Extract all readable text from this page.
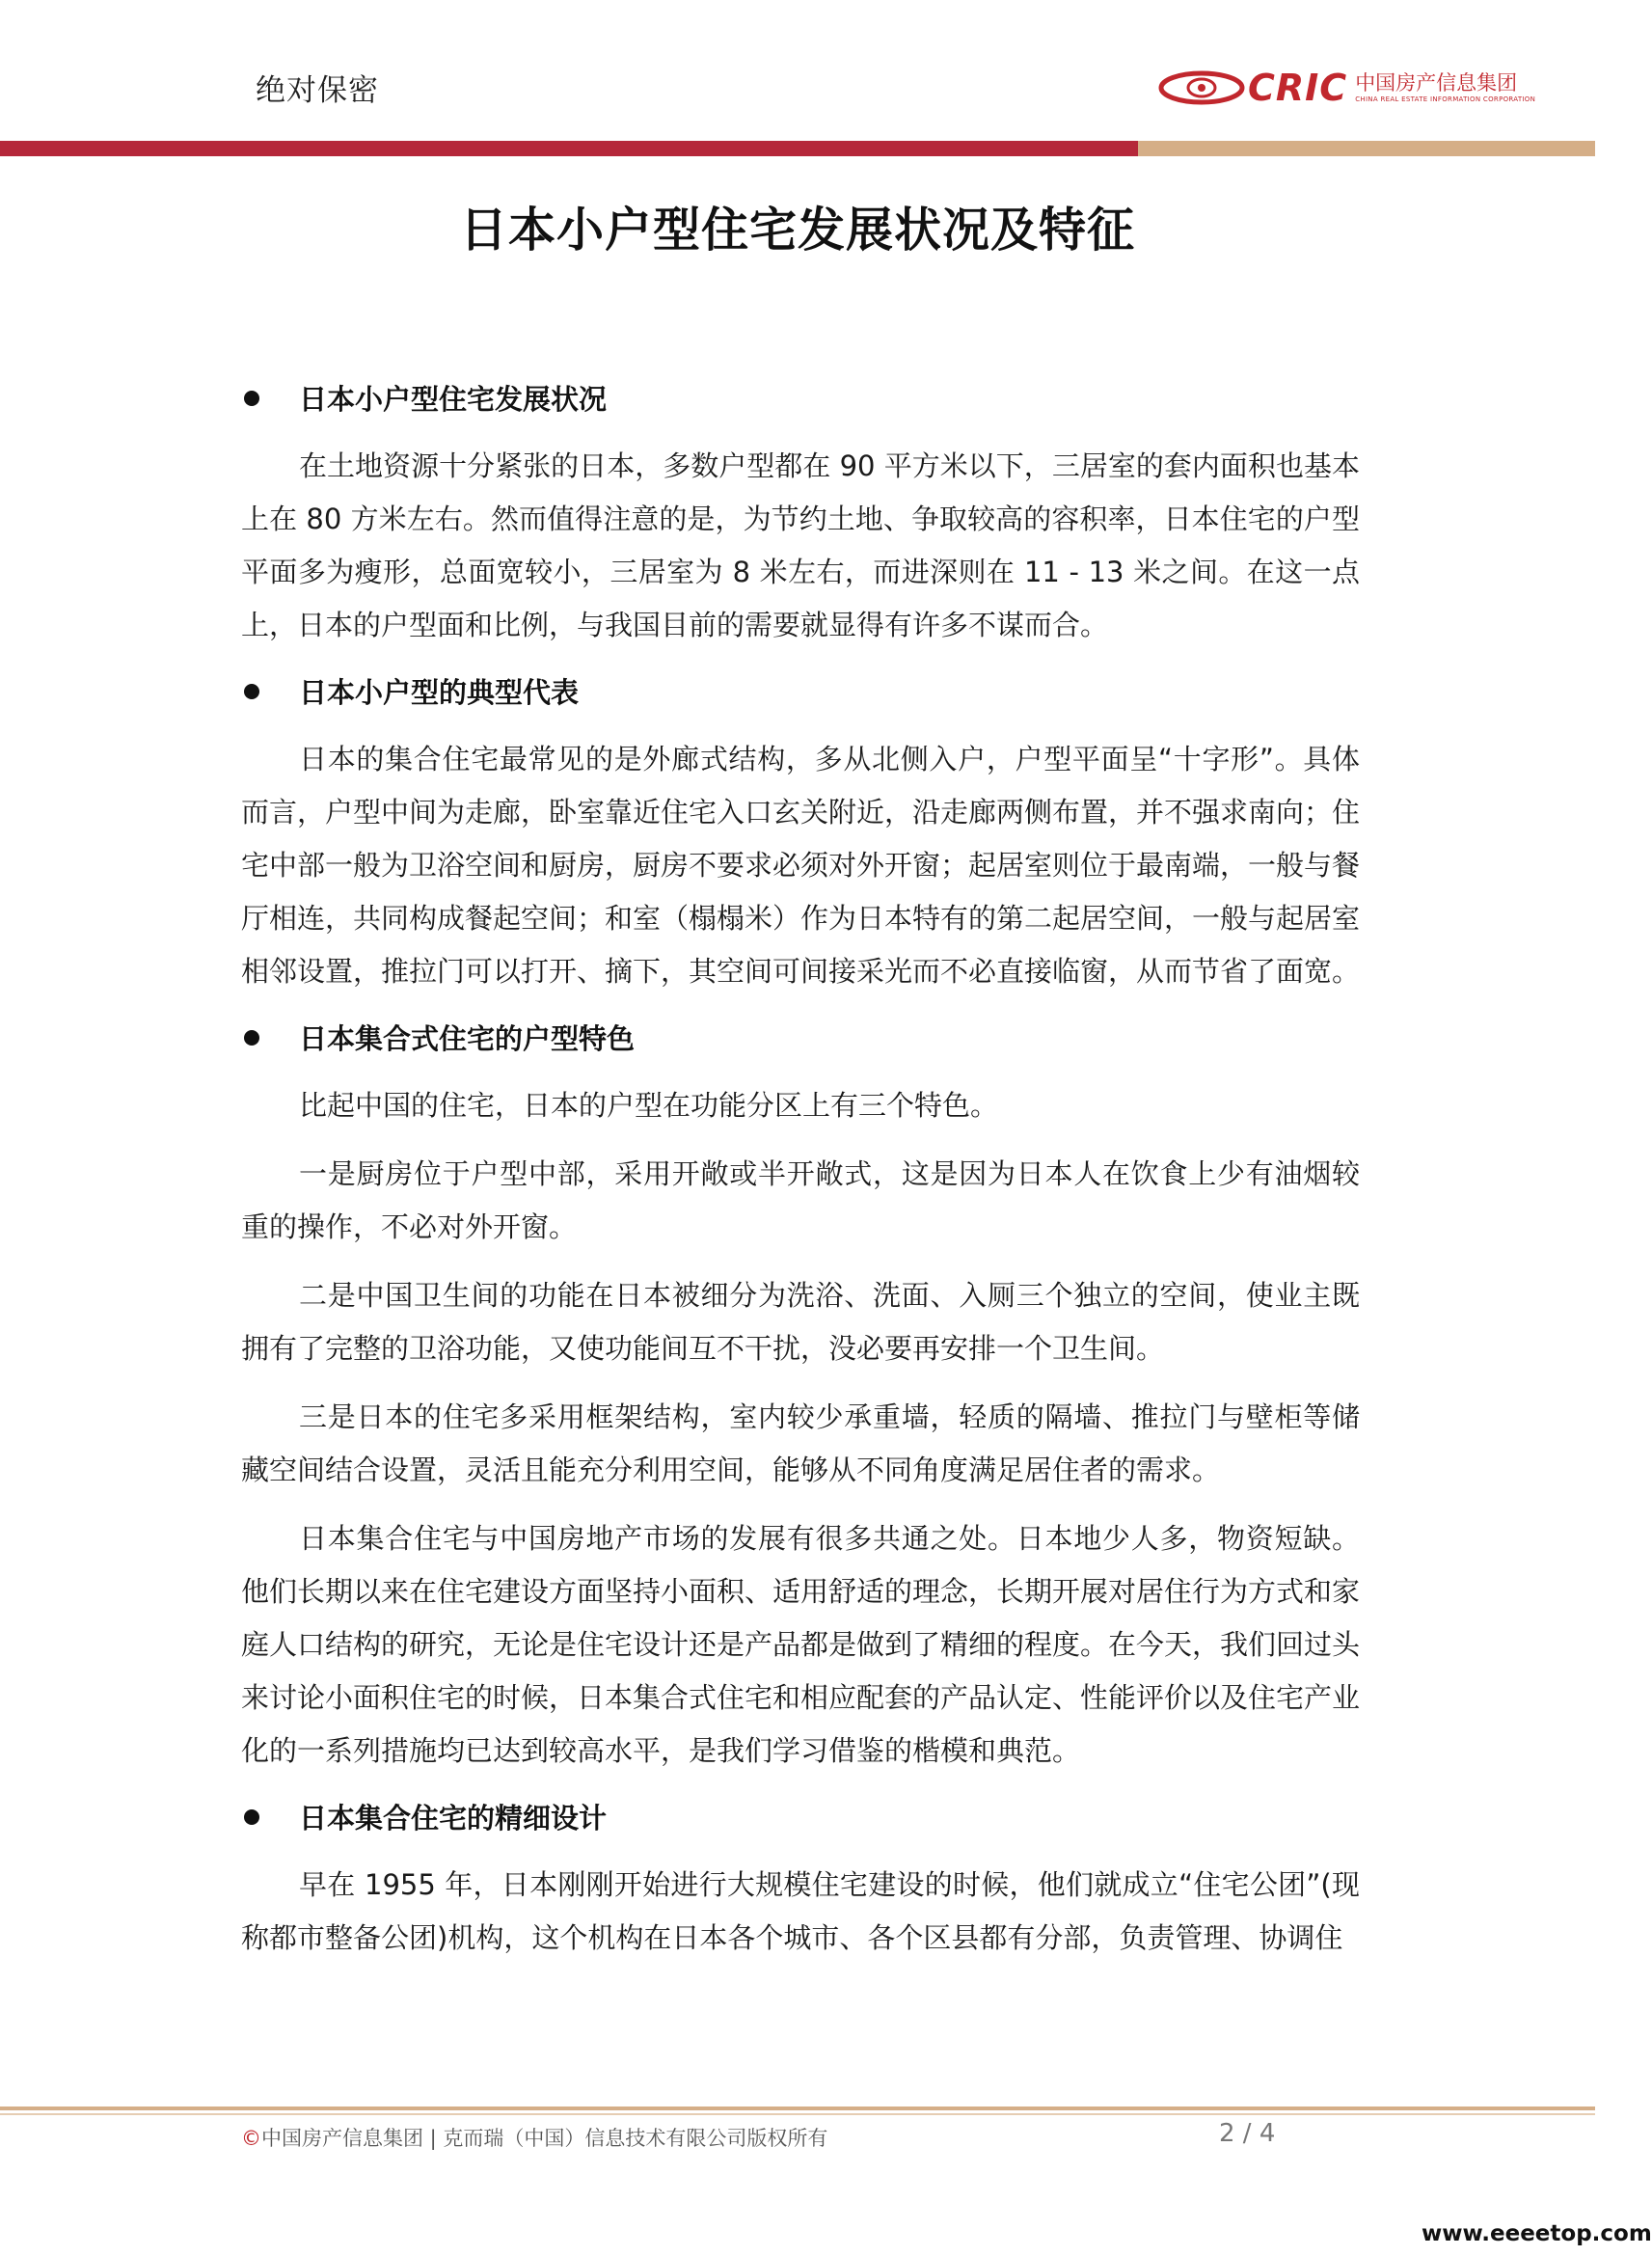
绝对保密	CRIC 中国房产信息集团
CHINA REAL ESTATE INFORMATION CORPORATION
日本小户型住宅发展状况及特征
日本小户型住宅发展状况

在土地资源十分紧张的日本，多数户型都在 90 平方米以下，三居室的套内面积也基本上在 80 方米左右。然而值得注意的是，为节约土地、争取较高的容积率，日本住宅的户型平面多为瘦形，总面宽较小，三居室为 8 米左右，而进深则在 11 - 13 米之间。在这一点上，日本的户型面和比例，与我国目前的需要就显得有许多不谋而合。

日本小户型的典型代表

日本的集合住宅最常见的是外廊式结构，多从北侧入户，户型平面呈“十字形”。具体而言，户型中间为走廊，卧室靠近住宅入口玄关附近，沿走廊两侧布置，并不强求南向；住宅中部一般为卫浴空间和厨房，厨房不要求必须对外开窗；起居室则位于最南端，一般与餐厅相连，共同构成餐起空间；和室（榻榻米）作为日本特有的第二起居空间，一般与起居室相邻设置，推拉门可以打开、摘下，其空间可间接采光而不必直接临窗，从而节省了面宽。

日本集合式住宅的户型特色

比起中国的住宅，日本的户型在功能分区上有三个特色。

一是厨房位于户型中部，采用开敞或半开敞式，这是因为日本人在饮食上少有油烟较重的操作，不必对外开窗。

二是中国卫生间的功能在日本被细分为洗浴、洗面、入厕三个独立的空间，使业主既拥有了完整的卫浴功能，又使功能间互不干扰，没必要再安排一个卫生间。

三是日本的住宅多采用框架结构，室内较少承重墙，轻质的隔墙、推拉门与壁柜等储藏空间结合设置，灵活且能充分利用空间，能够从不同角度满足居住者的需求。

日本集合住宅与中国房地产市场的发展有很多共通之处。日本地少人多，物资短缺。他们长期以来在住宅建设方面坚持小面积、适用舒适的理念，长期开展对居住行为方式和家庭人口结构的研究，无论是住宅设计还是产品都是做到了精细的程度。在今天，我们回过头来讨论小面积住宅的时候，日本集合式住宅和相应配套的产品认定、性能评价以及住宅产业化的一系列措施均已达到较高水平，是我们学习借鉴的楷模和典范。

日本集合住宅的精细设计

早在 1955 年，日本刚刚开始进行大规模住宅建设的时候，他们就成立“住宅公团”(现称都市整备公团)机构，这个机构在日本各个城市、各个区县都有分部，负责管理、协调住

©中国房产信息集团 | 克而瑞（中国）信息技术有限公司版权所有	2 / 4
www.eeeetop.com
